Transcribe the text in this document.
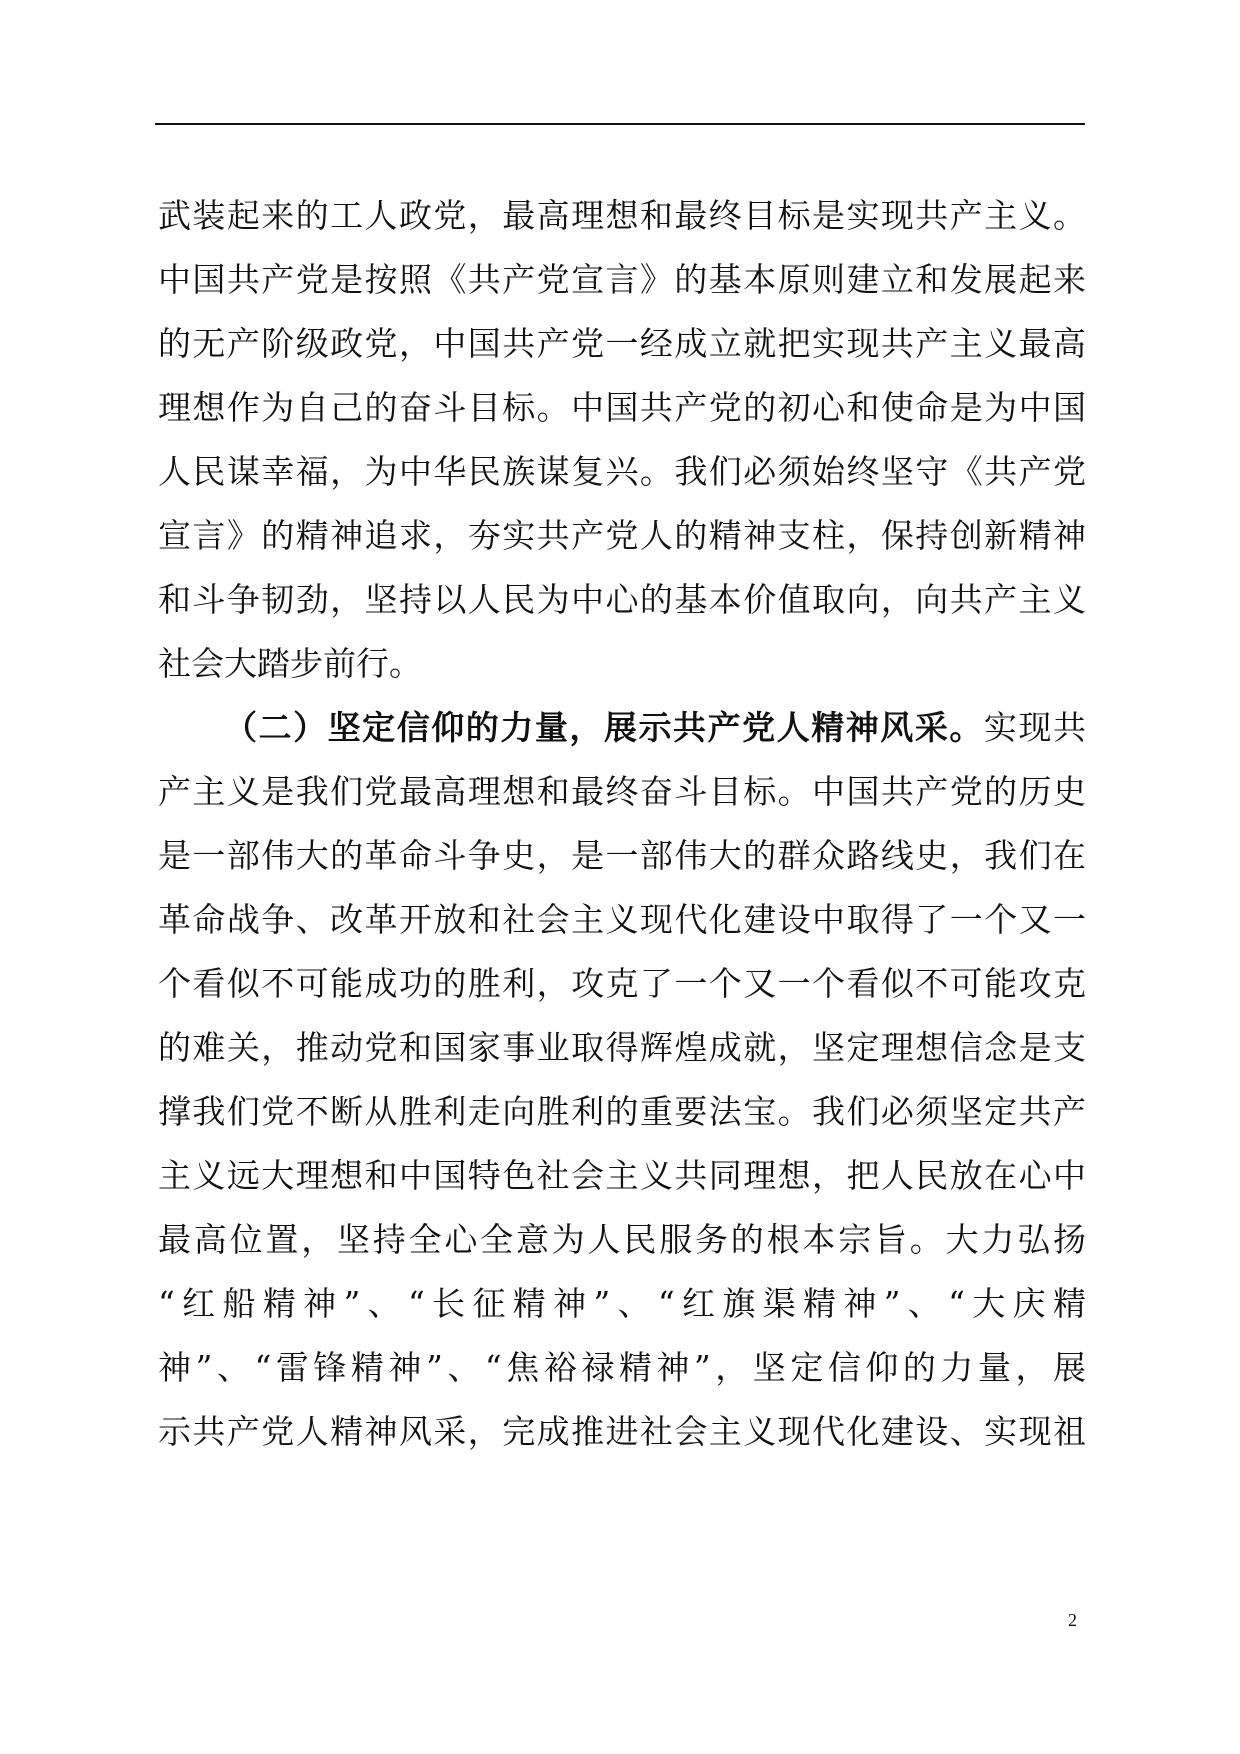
武装起来的工人政党，最高理想和最终目标是实现共产主义。
中国共产党是按照《共产党宣言》的基本原则建立和发展起来
的无产阶级政党，中国共产党一经成立就把实现共产主义最高
理想作为自己的奋斗目标。中国共产党的初心和使命是为中国
人民谋幸福，为中华民族谋复兴。我们必须始终坚守《共产党
宣言》的精神追求，夯实共产党人的精神支柱，保持创新精神
和斗争韧劲，坚持以人民为中心的基本价值取向，向共产主义
社会大踏步前行。
（二）坚定信仰的力量，展示共产党人精神风采。实现共
产主义是我们党最高理想和最终奋斗目标。中国共产党的历史
是一部伟大的革命斗争史，是一部伟大的群众路线史，我们在
革命战争、改革开放和社会主义现代化建设中取得了一个又一
个看似不可能成功的胜利，攻克了一个又一个看似不可能攻克
的难关，推动党和国家事业取得辉煌成就，坚定理想信念是支
撑我们党不断从胜利走向胜利的重要法宝。我们必须坚定共产
主义远大理想和中国特色社会主义共同理想，把人民放在心中
最高位置，坚持全心全意为人民服务的根本宗旨。大力弘扬
“红船精神”、“长征精神”、“红旗渠精神”、“大庆精
神”、“雷锋精神”、“焦裕禄精神”，坚定信仰的力量，展
示共产党人精神风采，完成推进社会主义现代化建设、实现祖
2
